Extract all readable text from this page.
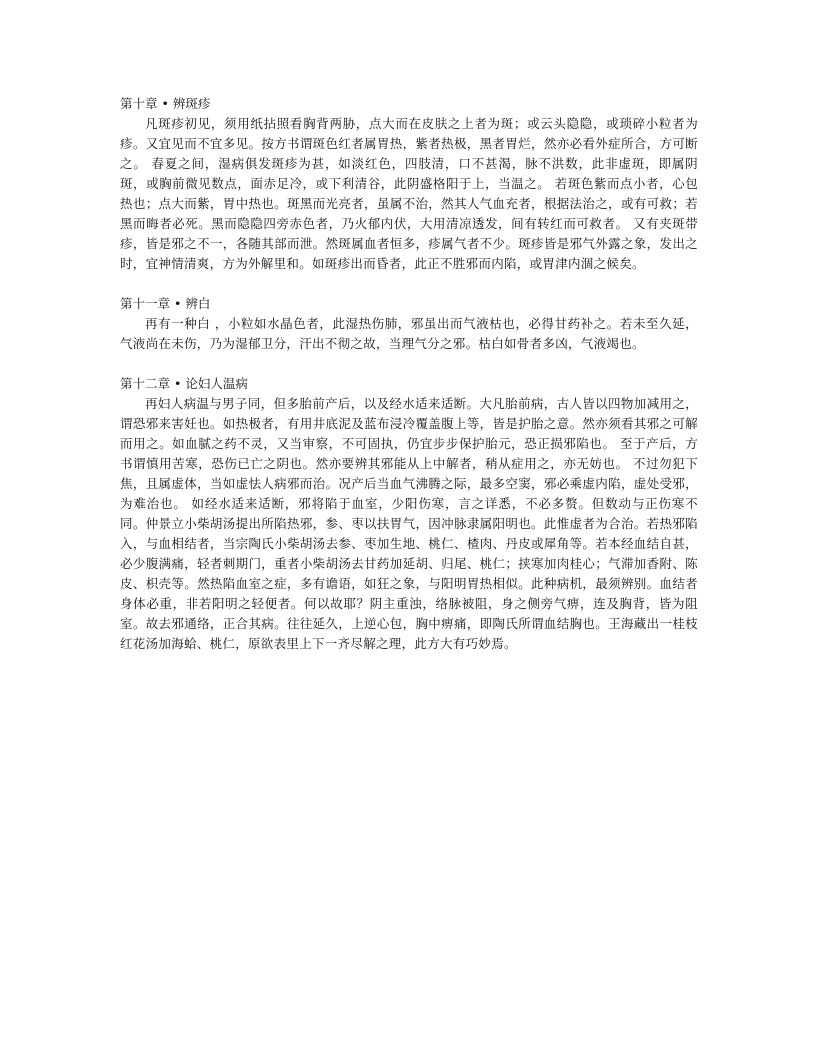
第十章 • 辨斑疹

凡斑疹初见，须用纸拈照看胸背两胁，点大而在皮肤之上者为斑；或云头隐隐，或琐碎小粒者为疹。又宜见而不宜多见。按方书谓斑色红者属胃热，紫者热极，黑者胃烂，然亦必看外症所合，方可断之。 春夏之间，湿病俱发斑疹为甚，如淡红色，四肢清，口不甚渴，脉不洪数，此非虚斑，即属阴斑，或胸前微见数点，面赤足冷，或下利清谷，此阴盛格阳于上，当温之。 若斑色紫而点小者，心包热也；点大而紫，胃中热也。斑黑而光亮者，虽属不治，然其人气血充者，根据法治之，或有可救；若黑而晦者必死。黑而隐隐四旁赤色者，乃火郁内伏，大用清凉透发，间有转红而可救者。 又有夹斑带疹，皆是邪之不一，各随其部而泄。然斑属血者恒多，疹属气者不少。斑疹皆是邪气外露之象，发出之时，宜神情清爽，方为外解里和。如斑疹出而昏者，此正不胜邪而内陷，或胃津内涸之候矣。

第十一章 • 辨白

再有一种白 ，小粒如水晶色者，此湿热伤肺，邪虽出而气液枯也，必得甘药补之。若未至久延，气液尚在未伤，乃为湿郁卫分，汗出不彻之故，当理气分之邪。枯白如骨者多凶，气液竭也。

第十二章 • 论妇人温病

再妇人病温与男子同，但多胎前产后，以及经水适来适断。大凡胎前病，古人皆以四物加减用之，谓恐邪来害妊也。如热极者，有用井底泥及蓝布浸冷覆盖腹上等，皆是护胎之意。然亦须看其邪之可解而用之。如血腻之药不灵，又当审察，不可固执，仍宜步步保护胎元，恐正损邪陷也。 至于产后，方书谓慎用苦寒，恐伤已亡之阴也。然亦要辨其邪能从上中解者，稍从症用之，亦无妨也。 不过勿犯下焦，且属虚体，当如虚怯人病邪而治。况产后当血气沸腾之际，最多空窦，邪必乘虚内陷，虚处受邪，为难治也。 如经水适来适断，邪将陷于血室，少阳伤寒，言之详悉，不必多赘。但数动与正伤寒不同。仲景立小柴胡汤提出所陷热邪，参、枣以扶胃气，因冲脉隶属阳明也。此惟虚者为合治。若热邪陷入，与血相结者，当宗陶氏小柴胡汤去参、枣加生地、桃仁、楂肉、丹皮或犀角等。若本经血结自甚，必少腹满痛，轻者刺期门，重者小柴胡汤去甘药加延胡、归尾、桃仁；挟寒加肉桂心；气滞加香附、陈皮、枳壳等。然热陷血室之症，多有谵语，如狂之象，与阳明胃热相似。此种病机，最须辨别。血结者身体必重，非若阳明之轻便者。何以故耶？阴主重浊，络脉被阻，身之侧旁气痹，连及胸背，皆为阻室。故去邪通络，正合其病。往往延久，上逆心包，胸中痹痛，即陶氏所谓血结胸也。王海藏出一桂枝红花汤加海蛤、桃仁，原欲表里上下一齐尽解之理，此方大有巧妙焉。
